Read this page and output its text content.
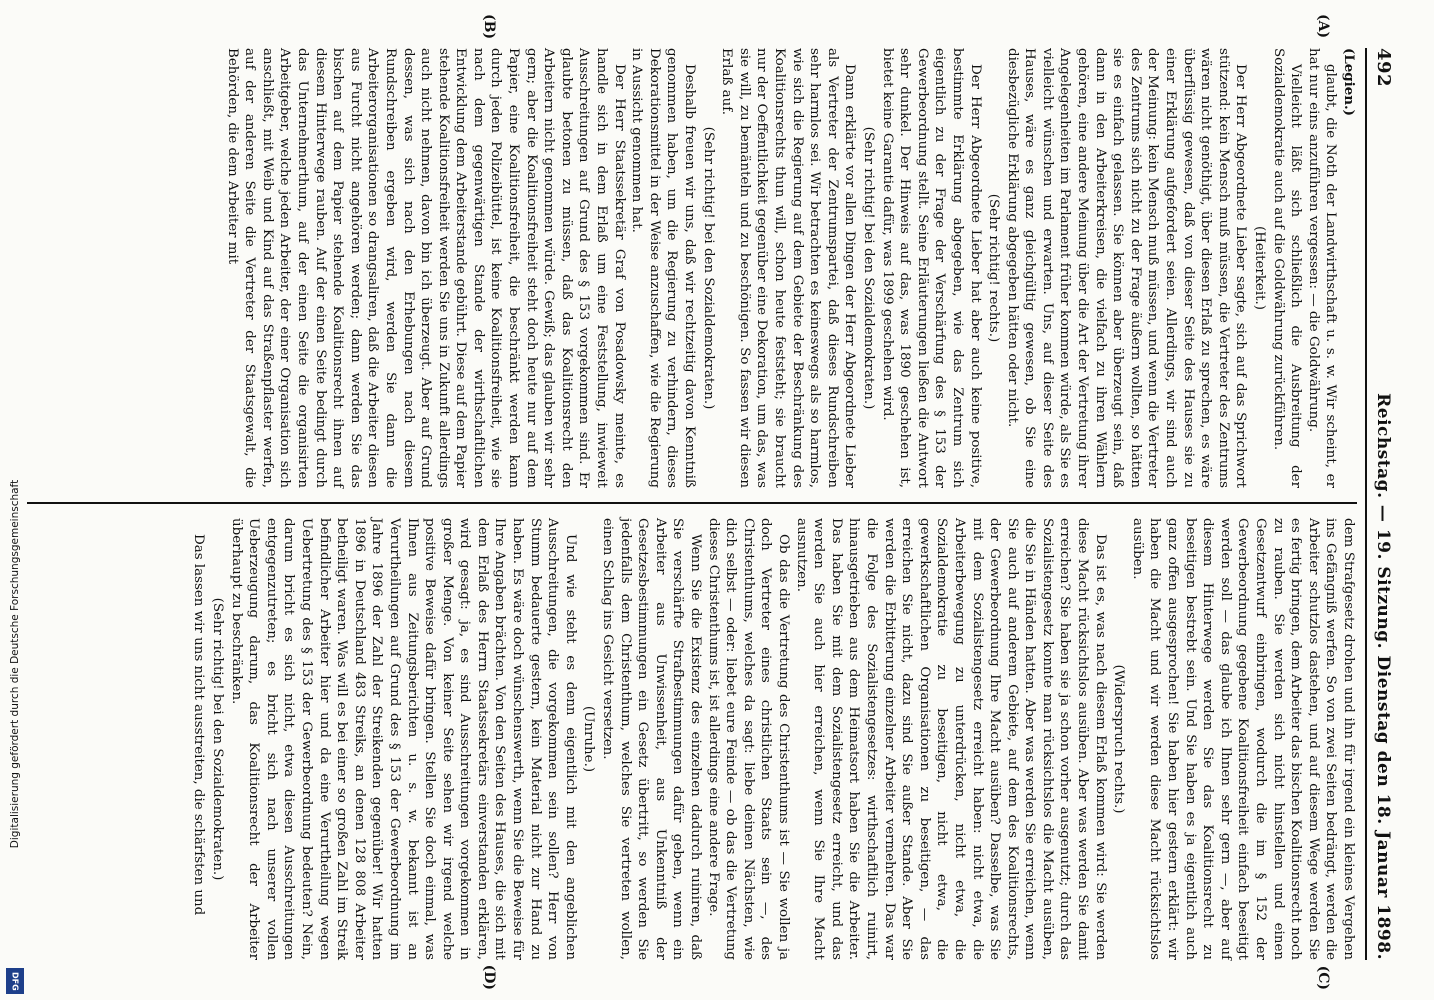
492
Reichstag. — 19. Sitzung. Dienstag den 18. Januar 1898.
(A)
(B)

(Legien.)

glaubt, die Noth der Landwirthschaft u. s. w. Wir scheint, er hat nur eins anzuführen vergessen: — die Goldwährung.

Vielleicht läßt sich schließlich die Ausbreitung der Sozialdemokratie auch auf die Goldwährung zurückführen.

(Heiterkeit.)

Der Herr Abgeordnete Lieber sagte, sich auf das Sprichwort stützend: kein Mensch muß müssen, die Vertreter des Zentrums wären nicht genöthigt, über diesen Erlaß zu sprechen, es wäre überflüssig gewesen, daß von dieser Seite des Hauses sie zu einer Erklärung aufgefordert seien. Allerdings, wir sind auch der Meinung: kein Mensch muß müssen, und wenn die Vertreter des Zentrums sich nicht zu der Frage äußern wollten, so hätten sie es einfach gelassen. Sie können aber überzeugt sein, daß dann in den Arbeiterkreisen, die vielfach zu ihren Wählern gehören, eine andere Meinung über die Art der Vertretung ihrer Angelegenheiten im Parlament früher kommen würde, als Sie es vielleicht wünschen und erwarten. Uns, auf dieser Seite des Hauses, wäre es ganz gleichgültig gewesen, ob Sie eine diesbezügliche Erklärung abgegeben hätten oder nicht.

(Sehr richtig! rechts.)

Der Herr Abgeordnete Lieber hat aber auch keine positive, bestimmte Erklärung abgegeben, wie das Zentrum sich eigentlich zu der Frage der Verschärfung des § 153 der Gewerbeordnung stellt. Seine Erläuterungen ließen die Antwort sehr dunkel. Der Hinweis auf das, was 1890 geschehen ist, bietet keine Garantie dafür, was 1899 geschehen wird.

(Sehr richtig! bei den Sozialdemokraten.)

Dann erklärte vor allen Dingen der Herr Abgeordnete Lieber als Vertreter der Zentrumspartei, daß dieses Rundschreiben sehr harmlos sei. Wir betrachten es keineswegs als so harmlos, wie sich die Regierung auf dem Gebiete der Beschränkung des Koalitionsrechts thun will, schon heute feststeht; sie braucht nur der Oeffentlichkeit gegenüber eine Dekoration, um das, was sie will, zu bemänteln und zu beschönigen. So fassen wir diesen Erlaß auf.

(Sehr richtig! bei den Sozialdemokraten.)

Deshalb freuen wir uns, daß wir rechtzeitig davon Kenntniß genommen haben, um die Regierung zu verhindern, dieses Dekorationsmittel in der Weise anzuschaffen, wie die Regierung in Aussicht genommen hat.

Der Herr Staatssekretär Graf von Posadowsky meinte, es handle sich in dem Erlaß um eine Feststellung, inwieweit Ausschreitungen auf Grund des § 153 vorgekommen sind. Er glaubte betonen zu müssen, daß das Koalitionsrecht den Arbeitern nicht genommen würde. Gewiß; das glauben wir sehr gern; aber die Koalitionsfreiheit steht doch heute nur auf dem Papier, eine Koalitionsfreiheit, die beschränkt werden kann durch jeden Polizeibüttel, ist keine Koalitionsfreiheit, wie sie nach dem gegenwärtigen Stande der wirthschaftlichen Entwicklung dem Arbeiterstande gebührt. Diese auf dem Papier stehende Koalitionsfreiheit werden Sie uns in Zukunft allerdings auch nicht nehmen, davon bin ich überzeugt. Aber auf Grund dessen, was sich nach den Erhebungen nach diesem Rundschreiben ergeben wird, werden Sie dann die Arbeiterorganisationen so drangsaliren, daß die Arbeiter diesen aus Furcht nicht angehören werden; dann werden Sie das bischen auf dem Papier stehende Koalitionsrecht ihnen auf diesem Hinterwege rauben. Auf der einen Seite bedingt durch das Unternehmerthum, auf der einen Seite die organisirten Arbeitgeber, welche jeden Arbeiter, der einer Organisation sich anschließt, mit Weib und Kind auf das Straßenpflaster werfen, auf der anderen Seite die Vertreter der Staatsgewalt, die Behörden, die dem Arbeiter mit

(C)
(D)

dem Strafgesetz drohen und ihn für irgend ein kleines Vergehen ins Gefängniß werfen. So von zwei Seiten bedrängt, werden die Arbeiter schutzlos dastehen, und auf diesem Wege werden Sie es fertig bringen, dem Arbeiter das bischen Koalitionsrecht noch zu rauben. Sie werden sich nicht hinstellen und einen Gesetzentwurf einbringen, wodurch die im § 152 der Gewerbeordnung gegebene Koalitionsfreiheit einfach beseitigt werden soll — das glaube ich Ihnen sehr gern —, aber auf diesem Hinterwege werden Sie das Koalitionsrecht zu beseitigen bestrebt sein. Und Sie haben es ja eigentlich auch ganz offen ausgesprochen! Sie haben hier gestern erklärt: wir haben die Macht und wir werden diese Macht rücksichtslos ausüben.

(Widerspruch rechts.)

Das ist es, was nach diesem Erlaß kommen wird: Sie werden diese Macht rücksichtslos ausüben. Aber was werden Sie damit erreichen? Sie haben sie ja schon vorher ausgenutzt; durch das Sozialistengesetz konnte man rücksichtslos die Macht ausüben, die Sie in Händen hatten. Aber was werden Sie erreichen, wenn Sie auch auf anderem Gebiete, auf dem des Koalitionsrechts, der Gewerbeordnung Ihre Macht ausüben? Dasselbe, was Sie mit dem Sozialistengesetz erreicht haben: nicht etwa, die Arbeiterbewegung zu unterdrücken, nicht etwa, die Sozialdemokratie zu beseitigen, nicht etwa, die gewerkschaftlichen Organisationen zu beseitigen, — das erreichen Sie nicht, dazu sind Sie außer Stande. Aber Sie werden die Erbitterung einzelner Arbeiter vermehren. Das war die Folge des Sozialistengesetzes: wirthschaftlich ruinirt, hinausgetrieben aus dem Heimatsort haben Sie die Arbeiter. Das haben Sie mit dem Sozialistengesetz erreicht, und das werden Sie auch hier erreichen, wenn Sie Ihre Macht ausnutzen.

Ob das die Vertretung des Christenthums ist — Sie wollen ja doch Vertreter eines christlichen Staats sein —, des Christenthums, welches da sagt: liebe deinen Nächsten, wie dich selbst — oder: liebet eure Feinde — ob das die Vertretung dieses Christenthums ist, ist allerdings eine andere Frage.

Wenn Sie die Existenz des einzelnen dadurch ruiniren, daß Sie verschärfte Strafbestimmungen dafür geben, wenn ein Arbeiter aus Unwissenheit, aus Unkenntniß der Gesetzesbestimmungen ein Gesetz übertritt, so werden Sie jedenfalls dem Christenthum, welches Sie vertreten wollen, einen Schlag ins Gesicht versetzen.

(Unruhe.)

Und wie steht es denn eigentlich mit den angeblichen Ausschreitungen, die vorgekommen sein sollen? Herr von Stumm bedauerte gestern, kein Material nicht zur Hand zu haben. Es wäre doch wünschenswerth, wenn Sie die Beweise für Ihre Angaben brächten. Von den Seiten des Hauses, die sich mit dem Erlaß des Herrn Staatssekretärs einverstanden erklären, wird gesagt: ja, es sind Ausschreitungen vorgekommen in großer Menge. Von keiner Seite sehen wir irgend welche positive Beweise dafür bringen. Stellen Sie doch einmal, was Ihnen aus Zeitungsberichten u. s. w. bekannt ist an Verurtheilungen auf Grund des § 153 der Gewerbeordnung im Jahre 1896 der Zahl der Streikenden gegenüber! Wir hatten 1896 in Deutschland 483 Streiks, an denen 128 808 Arbeiter betheiligt waren. Was will es bei einer so großen Zahl im Streik befindlicher Arbeiter hier und da eine Verurtheilung wegen Uebertretung des § 153 der Gewerbeordnung bedeuten? Nein, darum bricht es sich nicht, etwa diesen Ausschreitungen entgegenzutreten; es bricht sich nach unserer vollen Ueberzeugung darum, das Koalitionsrecht der Arbeiter überhaupt zu beschränken.

(Sehr richtig! bei den Sozialdemokraten.)

Das lassen wir uns nicht ausstreiten, die schärfsten und

Digitalisierung gefördert durch die Deutsche Forschungsgemeinschaft
DFG
